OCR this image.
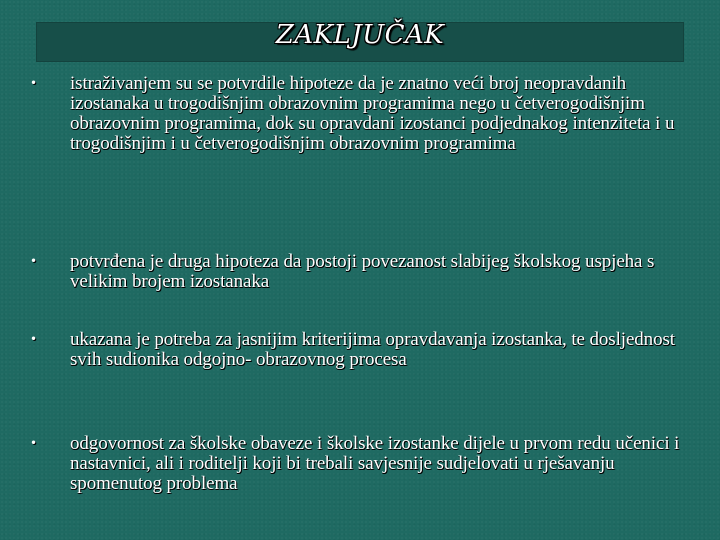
ZAKLJUČAK
• istraživanjem su se potvrdile hipoteze da je znatno veći broj neopravdanih izostanaka u trogodišnjim obrazovnim programima nego u četverogodišnjim obrazovnim programima, dok su opravdani izostanci podjednakog intenziteta i u trogodišnjim i u četverogodišnjim obrazovnim programima
• potvrđena je druga hipoteza da postoji povezanost slabijeg školskog uspjeha s velikim brojem izostanaka
• ukazana je potreba za jasnijim kriterijima opravdavanja izostanka, te dosljednost svih sudionika odgojno- obrazovnog procesa
• odgovornost za školske obaveze i školske izostanke dijele u prvom redu učenici i nastavnici, ali i roditelji koji bi trebali savjesnije sudjelovati u rješavanju spomenutog problema
